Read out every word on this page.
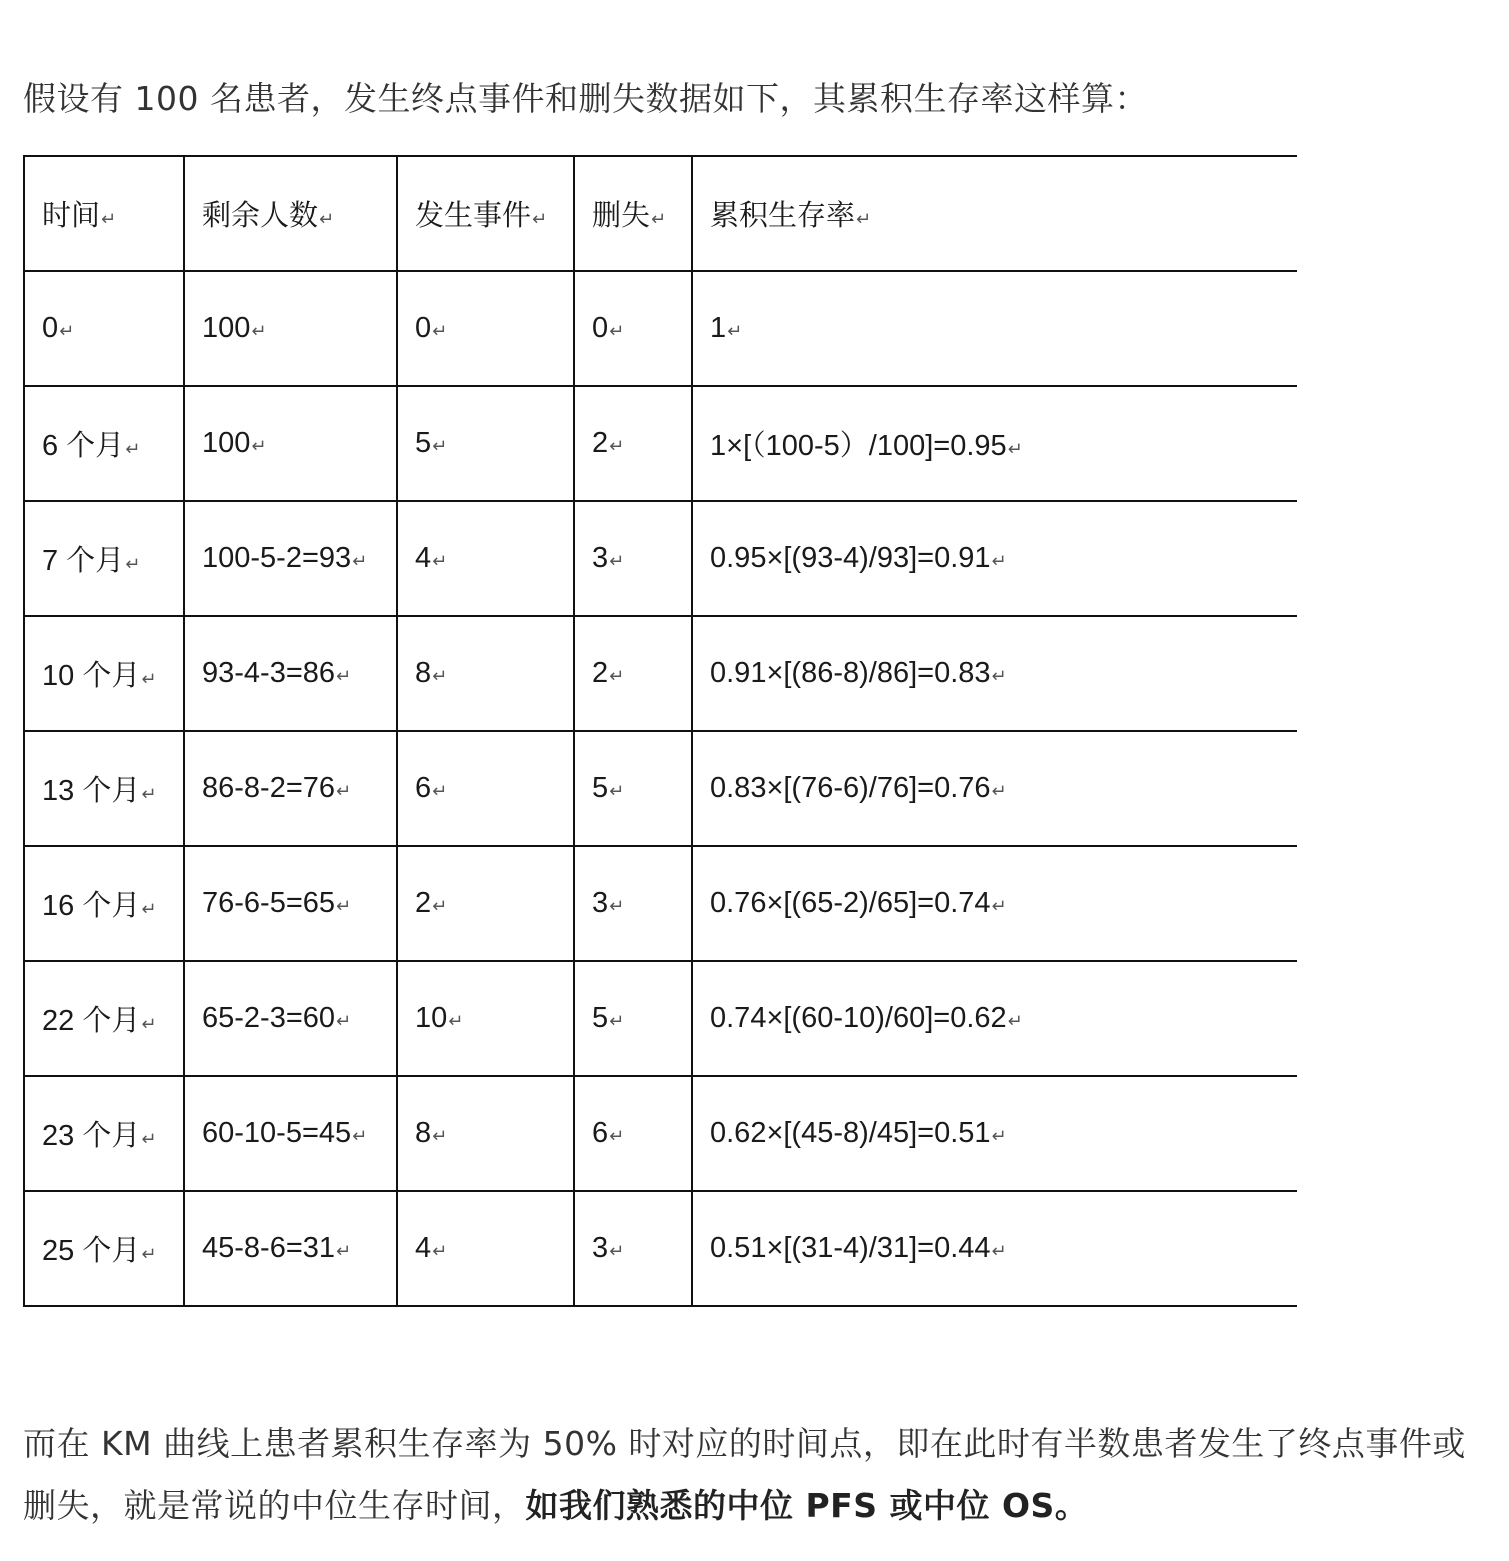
假设有 100 名患者，发生终点事件和删失数据如下，其累积生存率这样算：

时间↵	剩余人数↵	发生事件↵	删失↵	累积生存率↵
0↵	100↵	0↵	0↵	1↵
6 个月↵	100↵	5↵	2↵	1×[（100-5）/100]=0.95↵
7 个月↵	100-5-2=93↵	4↵	3↵	0.95×[(93-4)/93]=0.91↵
10 个月↵	93-4-3=86↵	8↵	2↵	0.91×[(86-8)/86]=0.83↵
13 个月↵	86-8-2=76↵	6↵	5↵	0.83×[(76-6)/76]=0.76↵
16 个月↵	76-6-5=65↵	2↵	3↵	0.76×[(65-2)/65]=0.74↵
22 个月↵	65-2-3=60↵	10↵	5↵	0.74×[(60-10)/60]=0.62↵
23 个月↵	60-10-5=45↵	8↵	6↵	0.62×[(45-8)/45]=0.51↵
25 个月↵	45-8-6=31↵	4↵	3↵	0.51×[(31-4)/31]=0.44↵

而在 KM 曲线上患者累积生存率为 50% 时对应的时间点，即在此时有半数患者发生了终点事件或删失，就是常说的中位生存时间，如我们熟悉的中位 PFS 或中位 OS。
